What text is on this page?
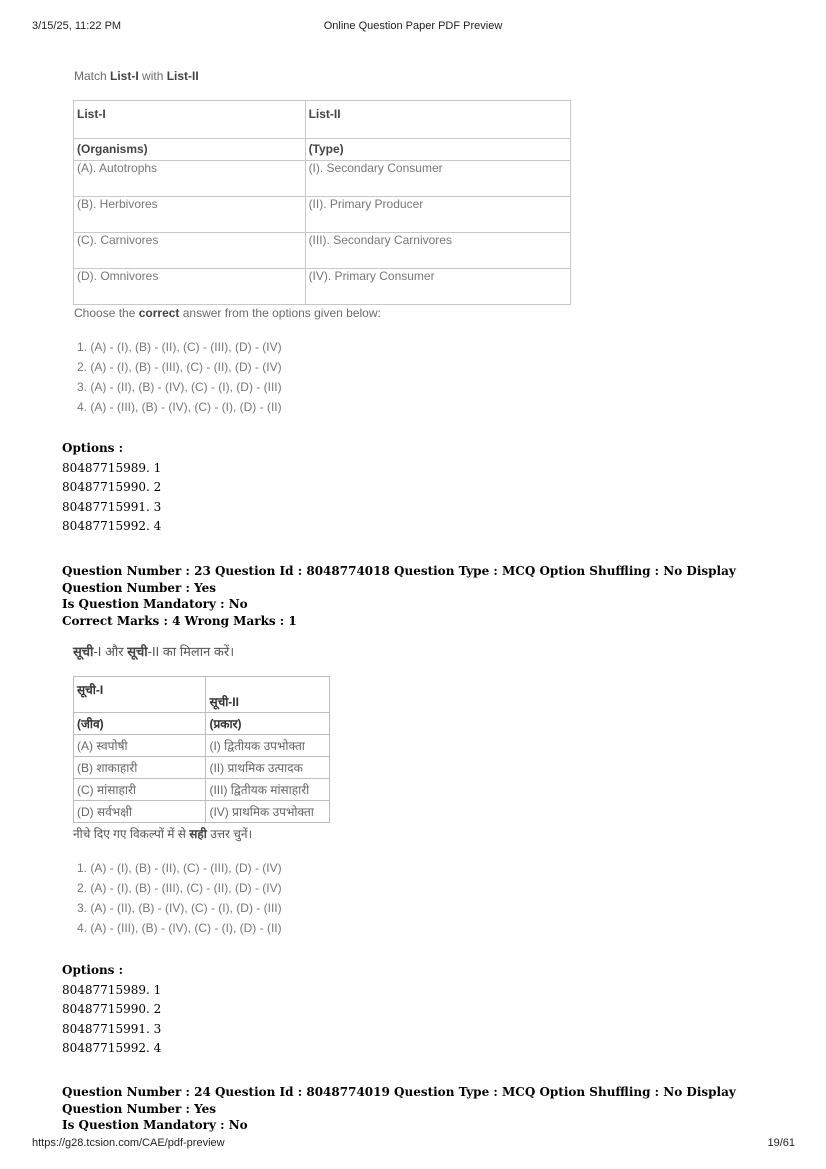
3/15/25, 11:22 PM	Online Question Paper PDF Preview
Match List-I with List-II
List-I	List-II
(Organisms)	(Type)
(A). Autotrophs	(I). Secondary Consumer
(B). Herbivores	(II). Primary Producer
(C). Carnivores	(III). Secondary Carnivores
(D). Omnivores	(IV). Primary Consumer
Choose the correct answer from the options given below:
1. (A) - (I), (B) - (II), (C) - (III), (D) - (IV)
2. (A) - (I), (B) - (III), (C) - (II), (D) - (IV)
3. (A) - (II), (B) - (IV), (C) - (I), (D) - (III)
4. (A) - (III), (B) - (IV), (C) - (I), (D) - (II)
Options :
80487715989. 1
80487715990. 2
80487715991. 3
80487715992. 4
Question Number : 23 Question Id : 8048774018 Question Type : MCQ Option Shuffling : No Display Question Number : Yes
Is Question Mandatory : No
Correct Marks : 4 Wrong Marks : 1
सूची-I और सूची-II का मिलान करें।
सूची-I	सूची-II
(जीव)	(प्रकार)
(A) स्वपोषी	(I) द्वितीयक उपभोक्ता
(B) शाकाहारी	(II) प्राथमिक उत्पादक
(C) मांसाहारी	(III) द्वितीयक मांसाहारी
(D) सर्वभक्षी	(IV) प्राथमिक उपभोक्ता
नीचे दिए गए विकल्पों में से सही उत्तर चुनें।
1. (A) - (I), (B) - (II), (C) - (III), (D) - (IV)
2. (A) - (I), (B) - (III), (C) - (II), (D) - (IV)
3. (A) - (II), (B) - (IV), (C) - (I), (D) - (III)
4. (A) - (III), (B) - (IV), (C) - (I), (D) - (II)
Options :
80487715989. 1
80487715990. 2
80487715991. 3
80487715992. 4
Question Number : 24 Question Id : 8048774019 Question Type : MCQ Option Shuffling : No Display Question Number : Yes
Is Question Mandatory : No
https://g28.tcsion.com/CAE/pdf-preview	19/61
